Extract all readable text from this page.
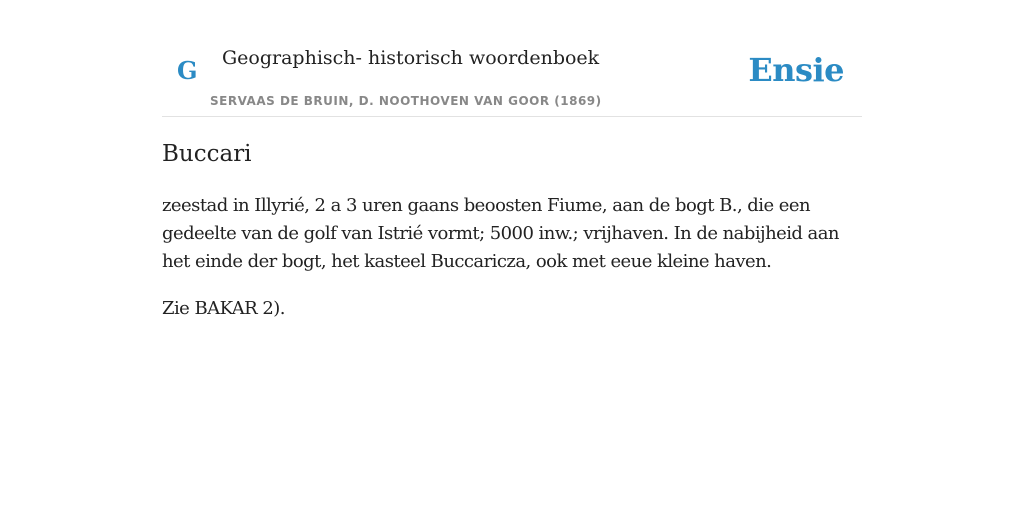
G Geographisch- historisch woordenboek
SERVAAS DE BRUIN, D. NOOTHOVEN VAN GOOR (1869)
Ensie
Buccari

zeestad in Illyrié, 2 a 3 uren gaans beoosten Fiume, aan de bogt B., die een gedeelte van de golf van Istrié vormt; 5000 inw.; vrijhaven. In de nabijheid aan het einde der bogt, het kasteel Buccaricza, ook met eeue kleine haven.

Zie BAKAR 2).
